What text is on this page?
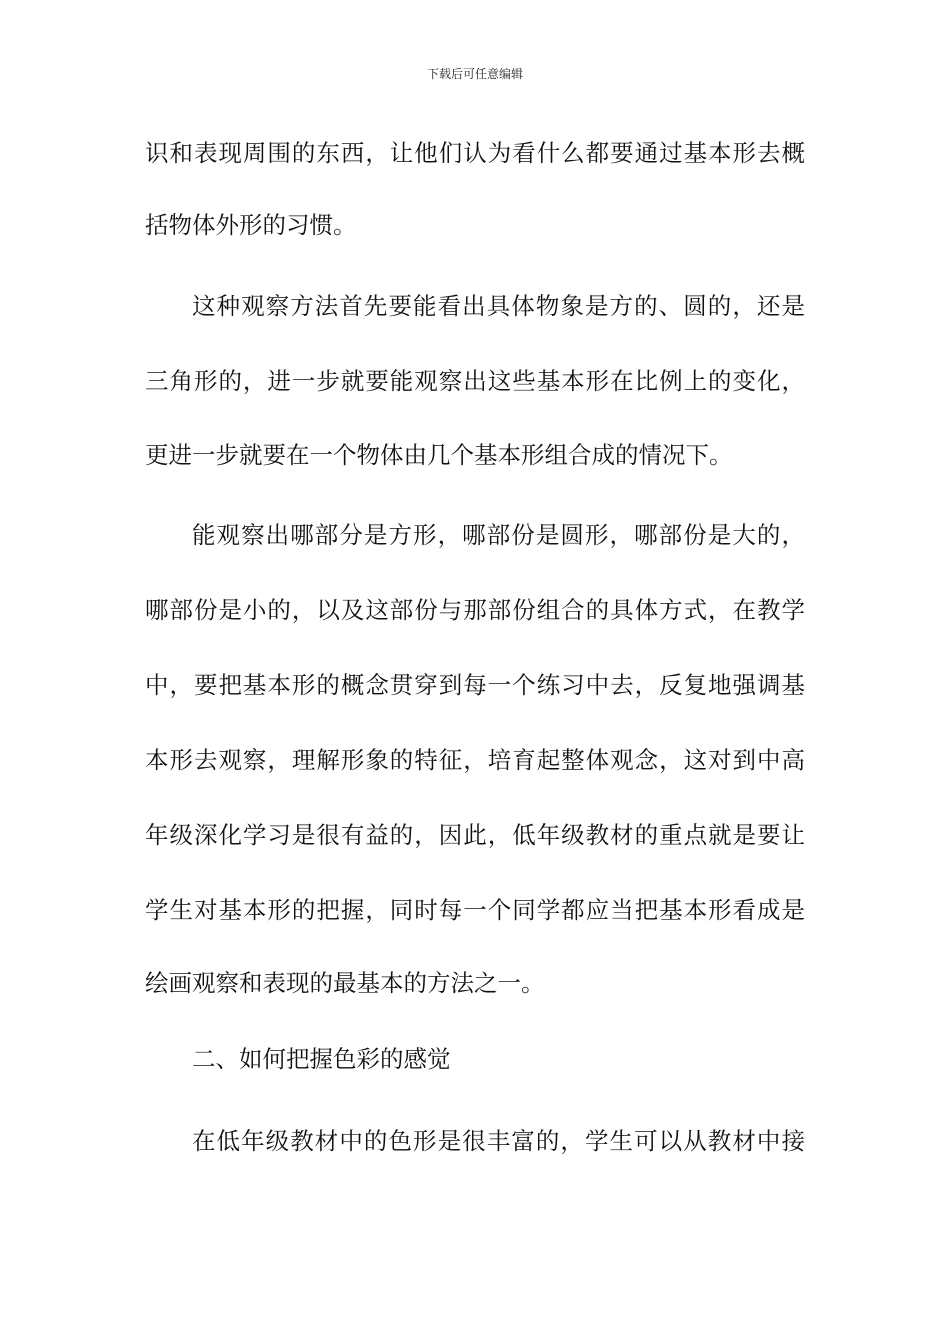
下载后可任意编辑
识和表现周围的东西，让他们认为看什么都要通过基本形去概
括物体外形的习惯。
这种观察方法首先要能看出具体物象是方的、圆的，还是
三角形的，进一步就要能观察出这些基本形在比例上的变化，
更进一步就要在一个物体由几个基本形组合成的情况下。
能观察出哪部分是方形，哪部份是圆形，哪部份是大的，
哪部份是小的，以及这部份与那部份组合的具体方式，在教学
中，要把基本形的概念贯穿到每一个练习中去，反复地强调基
本形去观察，理解形象的特征，培育起整体观念，这对到中高
年级深化学习是很有益的，因此，低年级教材的重点就是要让
学生对基本形的把握，同时每一个同学都应当把基本形看成是
绘画观察和表现的最基本的方法之一。
二、如何把握色彩的感觉
在低年级教材中的色形是很丰富的，学生可以从教材中接
